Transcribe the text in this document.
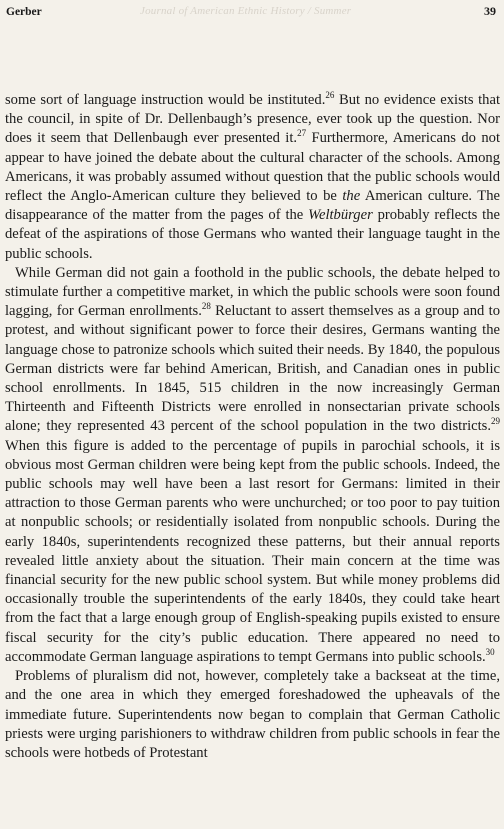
Journal of American Ethnic History / Summer
Gerber	39

some sort of language instruction would be instituted.$^{26}$ But no evidence exists that the council, in spite of Dr. Dellenbaugh’s presence, ever took up the question. Nor does it seem that Dellenbaugh ever presented it.$^{27}$ Furthermore, Americans do not appear to have joined the debate about the cultural character of the schools. Among Americans, it was probably assumed without question that the public schools would reflect the Anglo-American culture they believed to be the American culture. The disappearance of the matter from the pages of the Weltbürger probably reflects the defeat of the aspirations of those Germans who wanted their language taught in the public schools.

While German did not gain a foothold in the public schools, the debate helped to stimulate further a competitive market, in which the public schools were soon found lagging, for German enrollments.$^{28}$ Reluctant to assert themselves as a group and to protest, and without significant power to force their desires, Germans wanting the language chose to patronize schools which suited their needs. By 1840, the populous German districts were far behind American, British, and Canadian ones in public school enrollments. In 1845, 515 children in the now increasingly German Thirteenth and Fifteenth Districts were enrolled in nonsectarian private schools alone; they represented 43 percent of the school population in the two districts.$^{29}$ When this figure is added to the percentage of pupils in parochial schools, it is obvious most German children were being kept from the public schools. Indeed, the public schools may well have been a last resort for Germans: limited in their attraction to those German parents who were unchurched; or too poor to pay tuition at nonpublic schools; or residentially isolated from nonpublic schools. During the early 1840s, superintendents recognized these patterns, but their annual reports revealed little anxiety about the situation. Their main concern at the time was financial security for the new public school system. But while money problems did occasionally trouble the superintendents of the early 1840s, they could take heart from the fact that a large enough group of English-speaking pupils existed to ensure fiscal security for the city’s public education. There appeared no need to accommodate German language aspirations to tempt Germans into public schools.$^{30}$

Problems of pluralism did not, however, completely take a backseat at the time, and the one area in which they emerged foreshadowed the upheavals of the immediate future. Superintendents now began to complain that German Catholic priests were urging parishioners to withdraw children from public schools in fear the schools were hotbeds of Protestant
